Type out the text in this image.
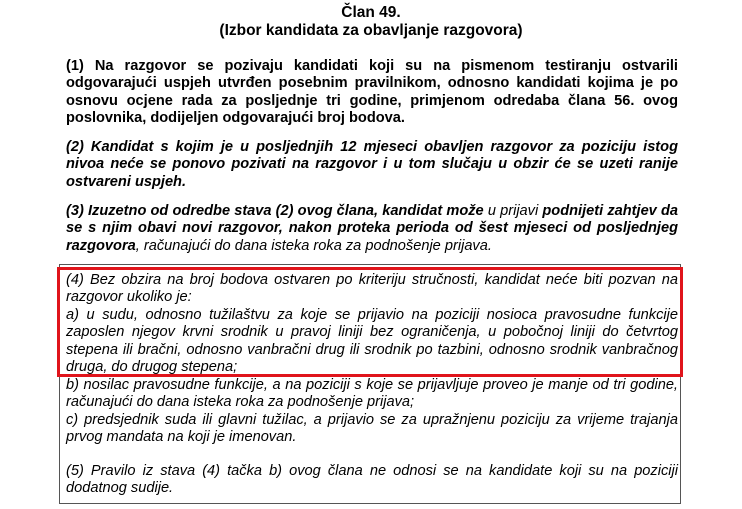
Član 49.
(Izbor kandidata za obavljanje razgovora)

(1) Na razgovor se pozivaju kandidati koji su na pismenom testiranju ostvarili odgovarajući uspjeh utvrđen posebnim pravilnikom, odnosno kandidati kojima je po osnovu ocjene rada za posljednje tri godine, primjenom odredaba člana 56. ovog poslovnika, dodijeljen odgovarajući broj bodova.

(2) Kandidat s kojim je u posljednjih 12 mjeseci obavljen razgovor za poziciju istog nivoa neće se ponovo pozivati na razgovor i u tom slučaju u obzir će se uzeti ranije ostvareni uspjeh.

(3) Izuzetno od odredbe stava (2) ovog člana, kandidat može u prijavi podnijeti zahtjev da se s njim obavi novi razgovor, nakon proteka perioda od šest mjeseci od posljednjeg razgovora, računajući do dana isteka roka za podnošenje prijava.

(4) Bez obzira na broj bodova ostvaren po kriteriju stručnosti, kandidat neće biti pozvan na razgovor ukoliko je:

a) u sudu, odnosno tužilaštvu za koje se prijavio na poziciji nosioca pravosudne funkcije zaposlen njegov krvni srodnik u pravoj liniji bez ograničenja, u pobočnoj liniji do četvrtog stepena ili bračni, odnosno vanbračni drug ili srodnik po tazbini, odnosno srodnik vanbračnog druga, do drugog stepena;

b) nosilac pravosudne funkcije, a na poziciji s koje se prijavljuje proveo je manje od tri godine, računajući do dana isteka roka za podnošenje prijava;

c) predsjednik suda ili glavni tužilac, a prijavio se za upražnjenu poziciju za vrijeme trajanja prvog mandata na koji je imenovan.

(5) Pravilo iz stava (4) tačka b) ovog člana ne odnosi se na kandidate koji su na poziciji dodatnog sudije.
